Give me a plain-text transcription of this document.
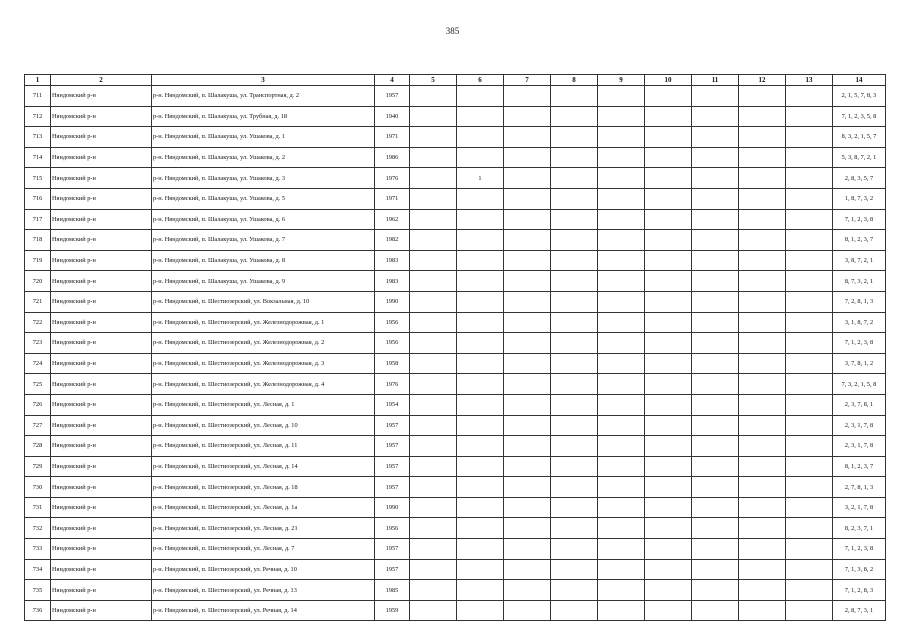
385
1	2	3	4	5	6	7	8	9	10	11	12	13	14
711	Няндомский р-н	р-н. Няндомский, п. Шалакуша, ул. Транспортная, д. 2	1957										2, 1, 5, 7, 8, 3
712	Няндомский р-н	р-н. Няндомский, п. Шалакуша, ул. Трубная, д. 18	1940										7, 1, 2, 3, 5, 8
713	Няндомский р-н	р-н. Няндомский, п. Шалакуша, ул. Ушакова, д. 1	1971										8, 3, 2, 1, 5, 7
714	Няндомский р-н	р-н. Няндомский, п. Шалакуша, ул. Ушакова, д. 2	1986										5, 3, 8, 7, 2, 1
715	Няндомский р-н	р-н. Няндомский, п. Шалакуша, ул. Ушакова, д. 3	1976		1								2, 8, 3, 5, 7
716	Няндомский р-н	р-н. Няндомский, п. Шалакуша, ул. Ушакова, д. 5	1971										1, 8, 7, 3, 2
717	Няндомский р-н	р-н. Няндомский, п. Шалакуша, ул. Ушакова, д. 6	1962										7, 1, 2, 3, 8
718	Няндомский р-н	р-н. Няндомский, п. Шалакуша, ул. Ушакова, д. 7	1982										8, 1, 2, 3, 7
719	Няндомский р-н	р-н. Няндомский, п. Шалакуша, ул. Ушакова, д. 8	1983										3, 8, 7, 2, 1
720	Няндомский р-н	р-н. Няндомский, п. Шалакуша, ул. Ушакова, д. 9	1983										8, 7, 3, 2, 1
721	Няндомский р-н	р-н. Няндомский, п. Шестиозерский, ул. Вокзальная, д. 10	1990										7, 2, 8, 1, 3
722	Няндомский р-н	р-н. Няндомский, п. Шестиозерский, ул. Железнодорожная, д. 1	1956										3, 1, 8, 7, 2
723	Няндомский р-н	р-н. Няндомский, п. Шестиозерский, ул. Железнодорожная, д. 2	1956										7, 1, 2, 3, 8
724	Няндомский р-н	р-н. Няндомский, п. Шестиозерский, ул. Железнодорожная, д. 3	1958										3, 7, 8, 1, 2
725	Няндомский р-н	р-н. Няндомский, п. Шестиозерский, ул. Железнодорожная, д. 4	1976										7, 3, 2, 1, 5, 8
726	Няндомский р-н	р-н. Няндомский, п. Шестиозерский, ул. Лесная, д. 1	1954										2, 3, 7, 8, 1
727	Няндомский р-н	р-н. Няндомский, п. Шестиозерский, ул. Лесная, д. 10	1957										2, 3, 1, 7, 8
728	Няндомский р-н	р-н. Няндомский, п. Шестиозерский, ул. Лесная, д. 11	1957										2, 3, 1, 7, 8
729	Няндомский р-н	р-н. Няндомский, п. Шестиозерский, ул. Лесная, д. 14	1957										8, 1, 2, 3, 7
730	Няндомский р-н	р-н. Няндомский, п. Шестиозерский, ул. Лесная, д. 18	1957										2, 7, 8, 1, 3
731	Няндомский р-н	р-н. Няндомский, п. Шестиозерский, ул. Лесная, д. 1а	1990										3, 2, 1, 7, 8
732	Няндомский р-н	р-н. Няндомский, п. Шестиозерский, ул. Лесная, д. 21	1956										8, 2, 3, 7, 1
733	Няндомский р-н	р-н. Няндомский, п. Шестиозерский, ул. Лесная, д. 7	1957										7, 1, 2, 3, 8
734	Няндомский р-н	р-н. Няндомский, п. Шестиозерский, ул. Речная, д. 10	1957										7, 1, 3, 8, 2
735	Няндомский р-н	р-н. Няндомский, п. Шестиозерский, ул. Речная, д. 13	1985										7, 1, 2, 8, 3
736	Няндомский р-н	р-н. Няндомский, п. Шестиозерский, ул. Речная, д. 14	1959										2, 8, 7, 3, 1
